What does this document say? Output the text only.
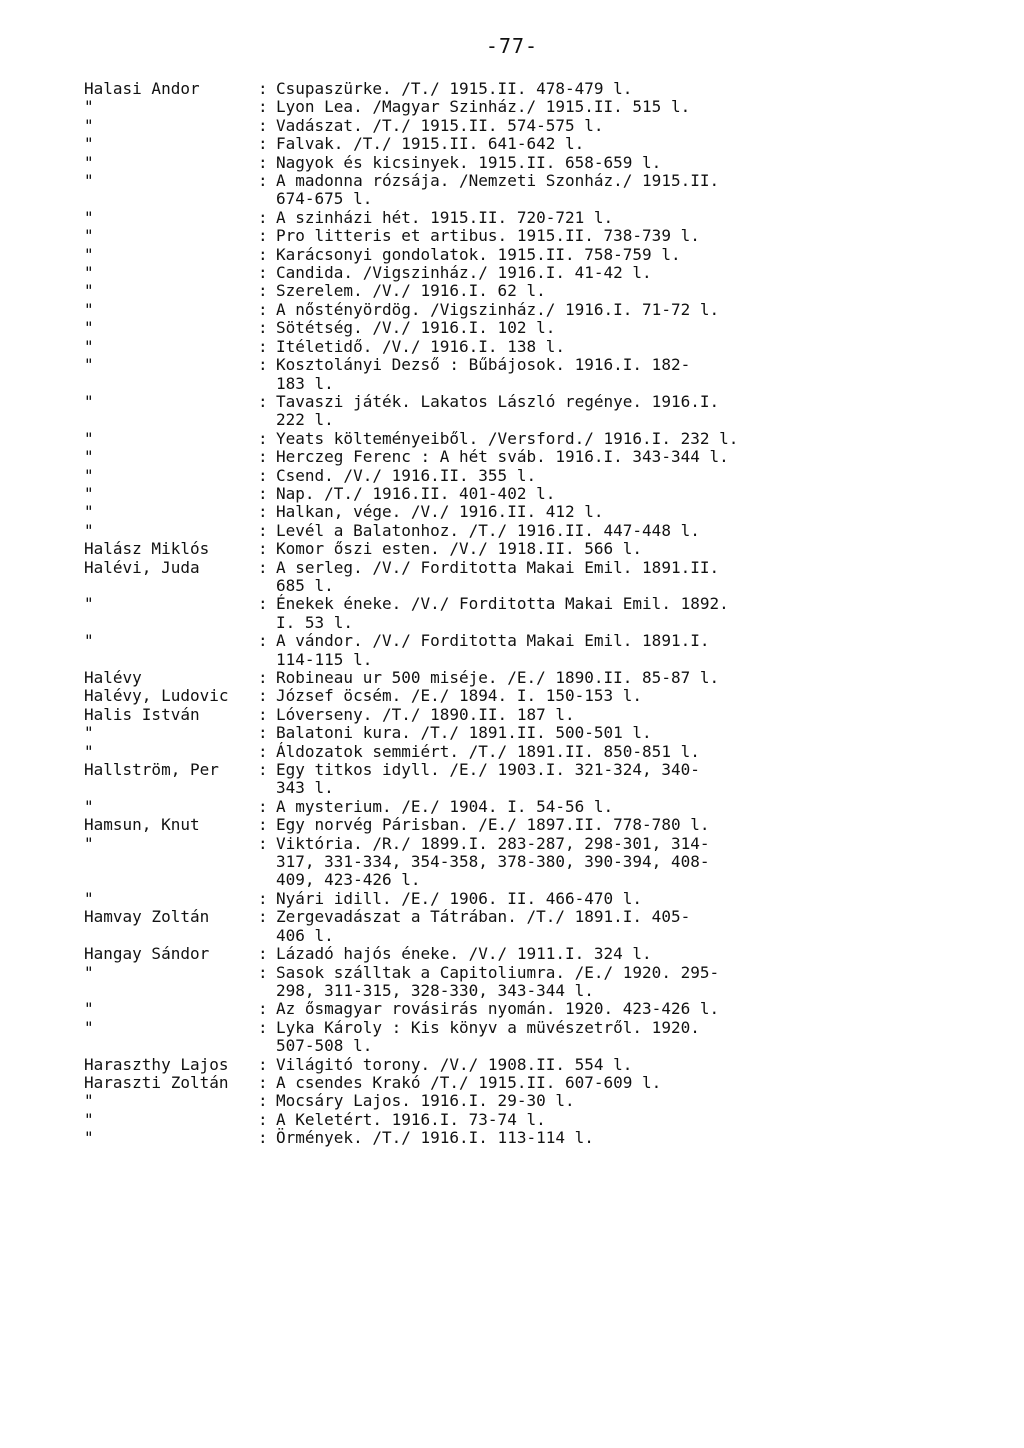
-77-
Halasi Andor	: Csupaszürke. /T./ 1915.II. 478-479 l.
"	: Lyon Lea. /Magyar Szinház./ 1915.II. 515 l.
"	: Vadászat. /T./ 1915.II. 574-575 l.
"	: Falvak. /T./ 1915.II. 641-642 l.
"	: Nagyok és kicsinyek. 1915.II. 658-659 l.
"	: A madonna rózsája. /Nemzeti Szonház./ 1915.II.
674-675 l.
"	: A szinházi hét. 1915.II. 720-721 l.
"	: Pro litteris et artibus. 1915.II. 738-739 l.
"	: Karácsonyi gondolatok. 1915.II. 758-759 l.
"	: Candida. /Vigszinház./ 1916.I. 41-42 l.
"	: Szerelem. /V./ 1916.I. 62 l.
"	: A nőstényördög. /Vigszinház./ 1916.I. 71-72 l.
"	: Sötétség. /V./ 1916.I. 102 l.
"	: Itéletidő. /V./ 1916.I. 138 l.
"	: Kosztolányi Dezső : Bűbájosok. 1916.I. 182-
183 l.
"	: Tavaszi játék. Lakatos László regénye. 1916.I.
222 l.
"	: Yeats költeményeiből. /Versford./ 1916.I. 232 l.
"	: Herczeg Ferenc : A hét sváb. 1916.I. 343-344 l.
"	: Csend. /V./ 1916.II. 355 l.
"	: Nap. /T./ 1916.II. 401-402 l.
"	: Halkan, vége. /V./ 1916.II. 412 l.
"	: Levél a Balatonhoz. /T./ 1916.II. 447-448 l.
Halász Miklós	: Komor őszi esten. /V./ 1918.II. 566 l.
Halévi, Juda	: A serleg. /V./ Forditotta Makai Emil. 1891.II.
685 l.
"	: Énekek éneke. /V./ Forditotta Makai Emil. 1892.
I. 53 l.
"	: A vándor. /V./ Forditotta Makai Emil. 1891.I.
114-115 l.
Halévy	: Robineau ur 500 miséje. /E./ 1890.II. 85-87 l.
Halévy, Ludovic : József öcsém. /E./ 1894. I. 150-153 l.
Halis István	: Lóverseny. /T./ 1890.II. 187 l.
"	: Balatoni kura. /T./ 1891.II. 500-501 l.
"	: Áldozatok semmiért. /T./ 1891.II. 850-851 l.
Hallström, Per : Egy titkos idyll. /E./ 1903.I. 321-324, 340-
343 l.
"	: A mysterium. /E./ 1904. I. 54-56 l.
Hamsun, Knut	: Egy norvég Párisban. /E./ 1897.II. 778-780 l.
"	: Viktória. /R./ 1899.I. 283-287, 298-301, 314-
317, 331-334, 354-358, 378-380, 390-394, 408-
409, 423-426 l.
"	: Nyári idill. /E./ 1906. II. 466-470 l.
Hamvay Zoltán	: Zergevadászat a Tátrában. /T./ 1891.I. 405-
406 l.
Hangay Sándor	: Lázadó hajós éneke. /V./ 1911.I. 324 l.
"	: Sasok szálltak a Capitoliumra. /E./ 1920. 295-
298, 311-315, 328-330, 343-344 l.
"	: Az ősmagyar rovásirás nyomán. 1920. 423-426 l.
"	: Lyka Károly : Kis könyv a müvészetről. 1920.
507-508 l.
Haraszthy Lajos : Világitó torony. /V./ 1908.II. 554 l.
Haraszti Zoltán : A csendes Krakó /T./ 1915.II. 607-609 l.
"	: Mocsáry Lajos. 1916.I. 29-30 l.
"	: A Keletért. 1916.I. 73-74 l.
"	: Örmények. /T./ 1916.I. 113-114 l.
